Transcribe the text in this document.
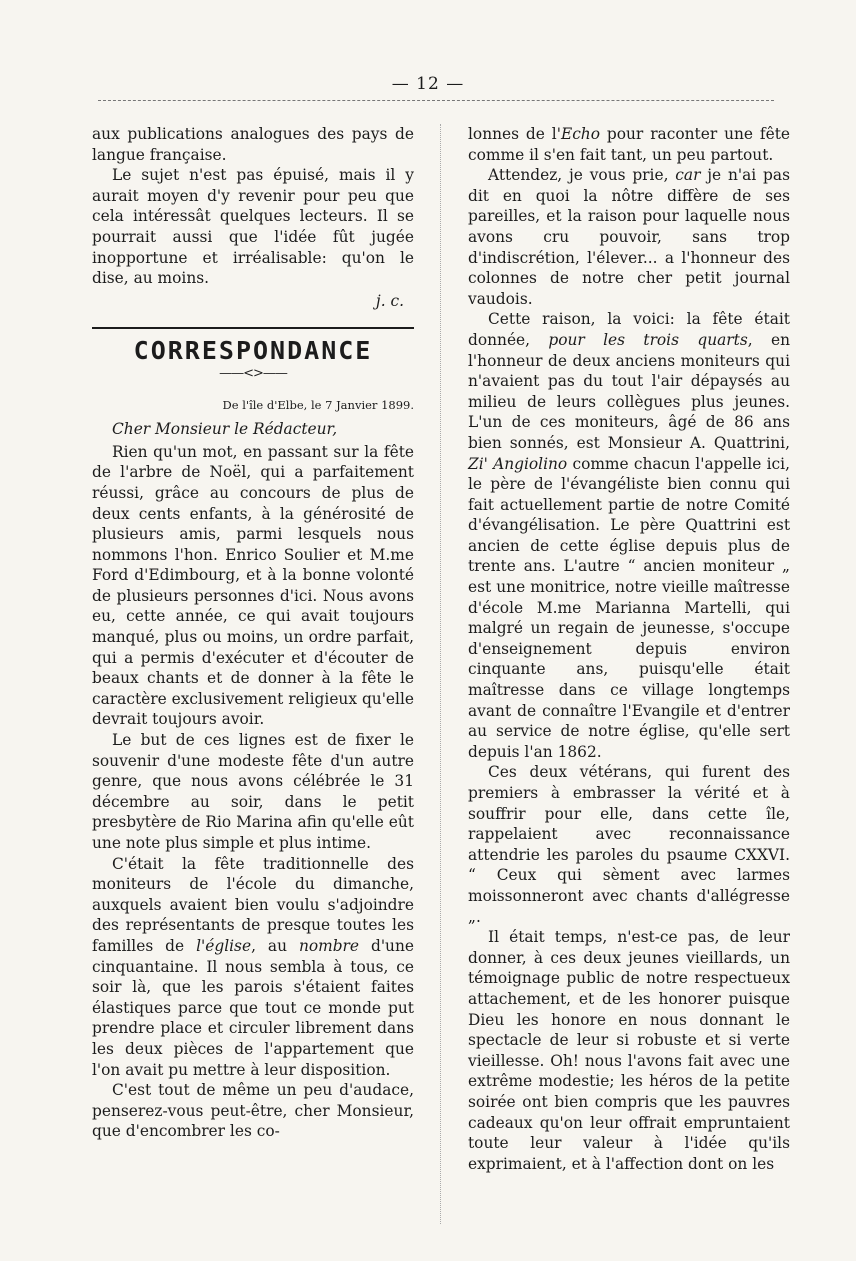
— 12 —

aux publications analogues des pays de langue française.

Le sujet n'est pas épuisé, mais il y aurait moyen d'y revenir pour peu que cela intéressât quelques lecteurs. Il se pourrait aussi que l'idée fût jugée inopportune et irréalisable: qu'on le dise, au moins.

j. c.
CORRESPONDANCE
——<>——
De l'île d'Elbe, le 7 Janvier 1899.

Cher Monsieur le Rédacteur,

Rien qu'un mot, en passant sur la fête de l'arbre de Noël, qui a parfaitement réussi, grâce au concours de plus de deux cents enfants, à la générosité de plusieurs amis, parmi lesquels nous nommons l'hon. Enrico Soulier et M.me Ford d'Edimbourg, et à la bonne volonté de plusieurs personnes d'ici. Nous avons eu, cette année, ce qui avait toujours manqué, plus ou moins, un ordre parfait, qui a permis d'exécuter et d'écouter de beaux chants et de donner à la fête le caractère exclusivement religieux qu'elle devrait toujours avoir.

Le but de ces lignes est de fixer le souvenir d'une modeste fête d'un autre genre, que nous avons célébrée le 31 décembre au soir, dans le petit presbytère de Rio Marina afin qu'elle eût une note plus simple et plus intime.

C'était la fête traditionnelle des moniteurs de l'école du dimanche, auxquels avaient bien voulu s'adjoindre des représentants de presque toutes les familles de l'église, au nombre d'une cinquantaine. Il nous sembla à tous, ce soir là, que les parois s'étaient faites élastiques parce que tout ce monde put prendre place et circuler librement dans les deux pièces de l'appartement que l'on avait pu mettre à leur disposition.

C'est tout de même un peu d'audace, penserez-vous peut-être, cher Monsieur, que d'encombrer les co-

lonnes de l'Echo pour raconter une fête comme il s'en fait tant, un peu partout.

Attendez, je vous prie, car je n'ai pas dit en quoi la nôtre diffère de ses pareilles, et la raison pour laquelle nous avons cru pouvoir, sans trop d'indiscrétion, l'élever... a l'honneur des colonnes de notre cher petit journal vaudois.

Cette raison, la voici: la fête était donnée, pour les trois quarts, en l'honneur de deux anciens moniteurs qui n'avaient pas du tout l'air dépaysés au milieu de leurs collègues plus jeunes. L'un de ces moniteurs, âgé de 86 ans bien sonnés, est Monsieur A. Quattrini, Zi' Angiolino comme chacun l'appelle ici, le père de l'évangéliste bien connu qui fait actuellement partie de notre Comité d'évangélisation. Le père Quattrini est ancien de cette église depuis plus de trente ans. L'autre “ ancien moniteur „ est une monitrice, notre vieille maîtresse d'école M.me Marianna Martelli, qui malgré un regain de jeunesse, s'occupe d'enseignement depuis environ cinquante ans, puisqu'elle était maîtresse dans ce village longtemps avant de connaître l'Evangile et d'entrer au service de notre église, qu'elle sert depuis l'an 1862.

Ces deux vétérans, qui furent des premiers à embrasser la vérité et à souffrir pour elle, dans cette île, rappelaient avec reconnaissance attendrie les paroles du psaume CXXVI. “ Ceux qui sèment avec larmes moissonneront avec chants d'allégresse „.

Il était temps, n'est-ce pas, de leur donner, à ces deux jeunes vieillards, un témoignage public de notre respectueux attachement, et de les honorer puisque Dieu les honore en nous donnant le spectacle de leur si robuste et si verte vieillesse. Oh! nous l'avons fait avec une extrême modestie; les héros de la petite soirée ont bien compris que les pauvres cadeaux qu'on leur offrait empruntaient toute leur valeur à l'idée qu'ils exprimaient, et à l'affection dont on les
